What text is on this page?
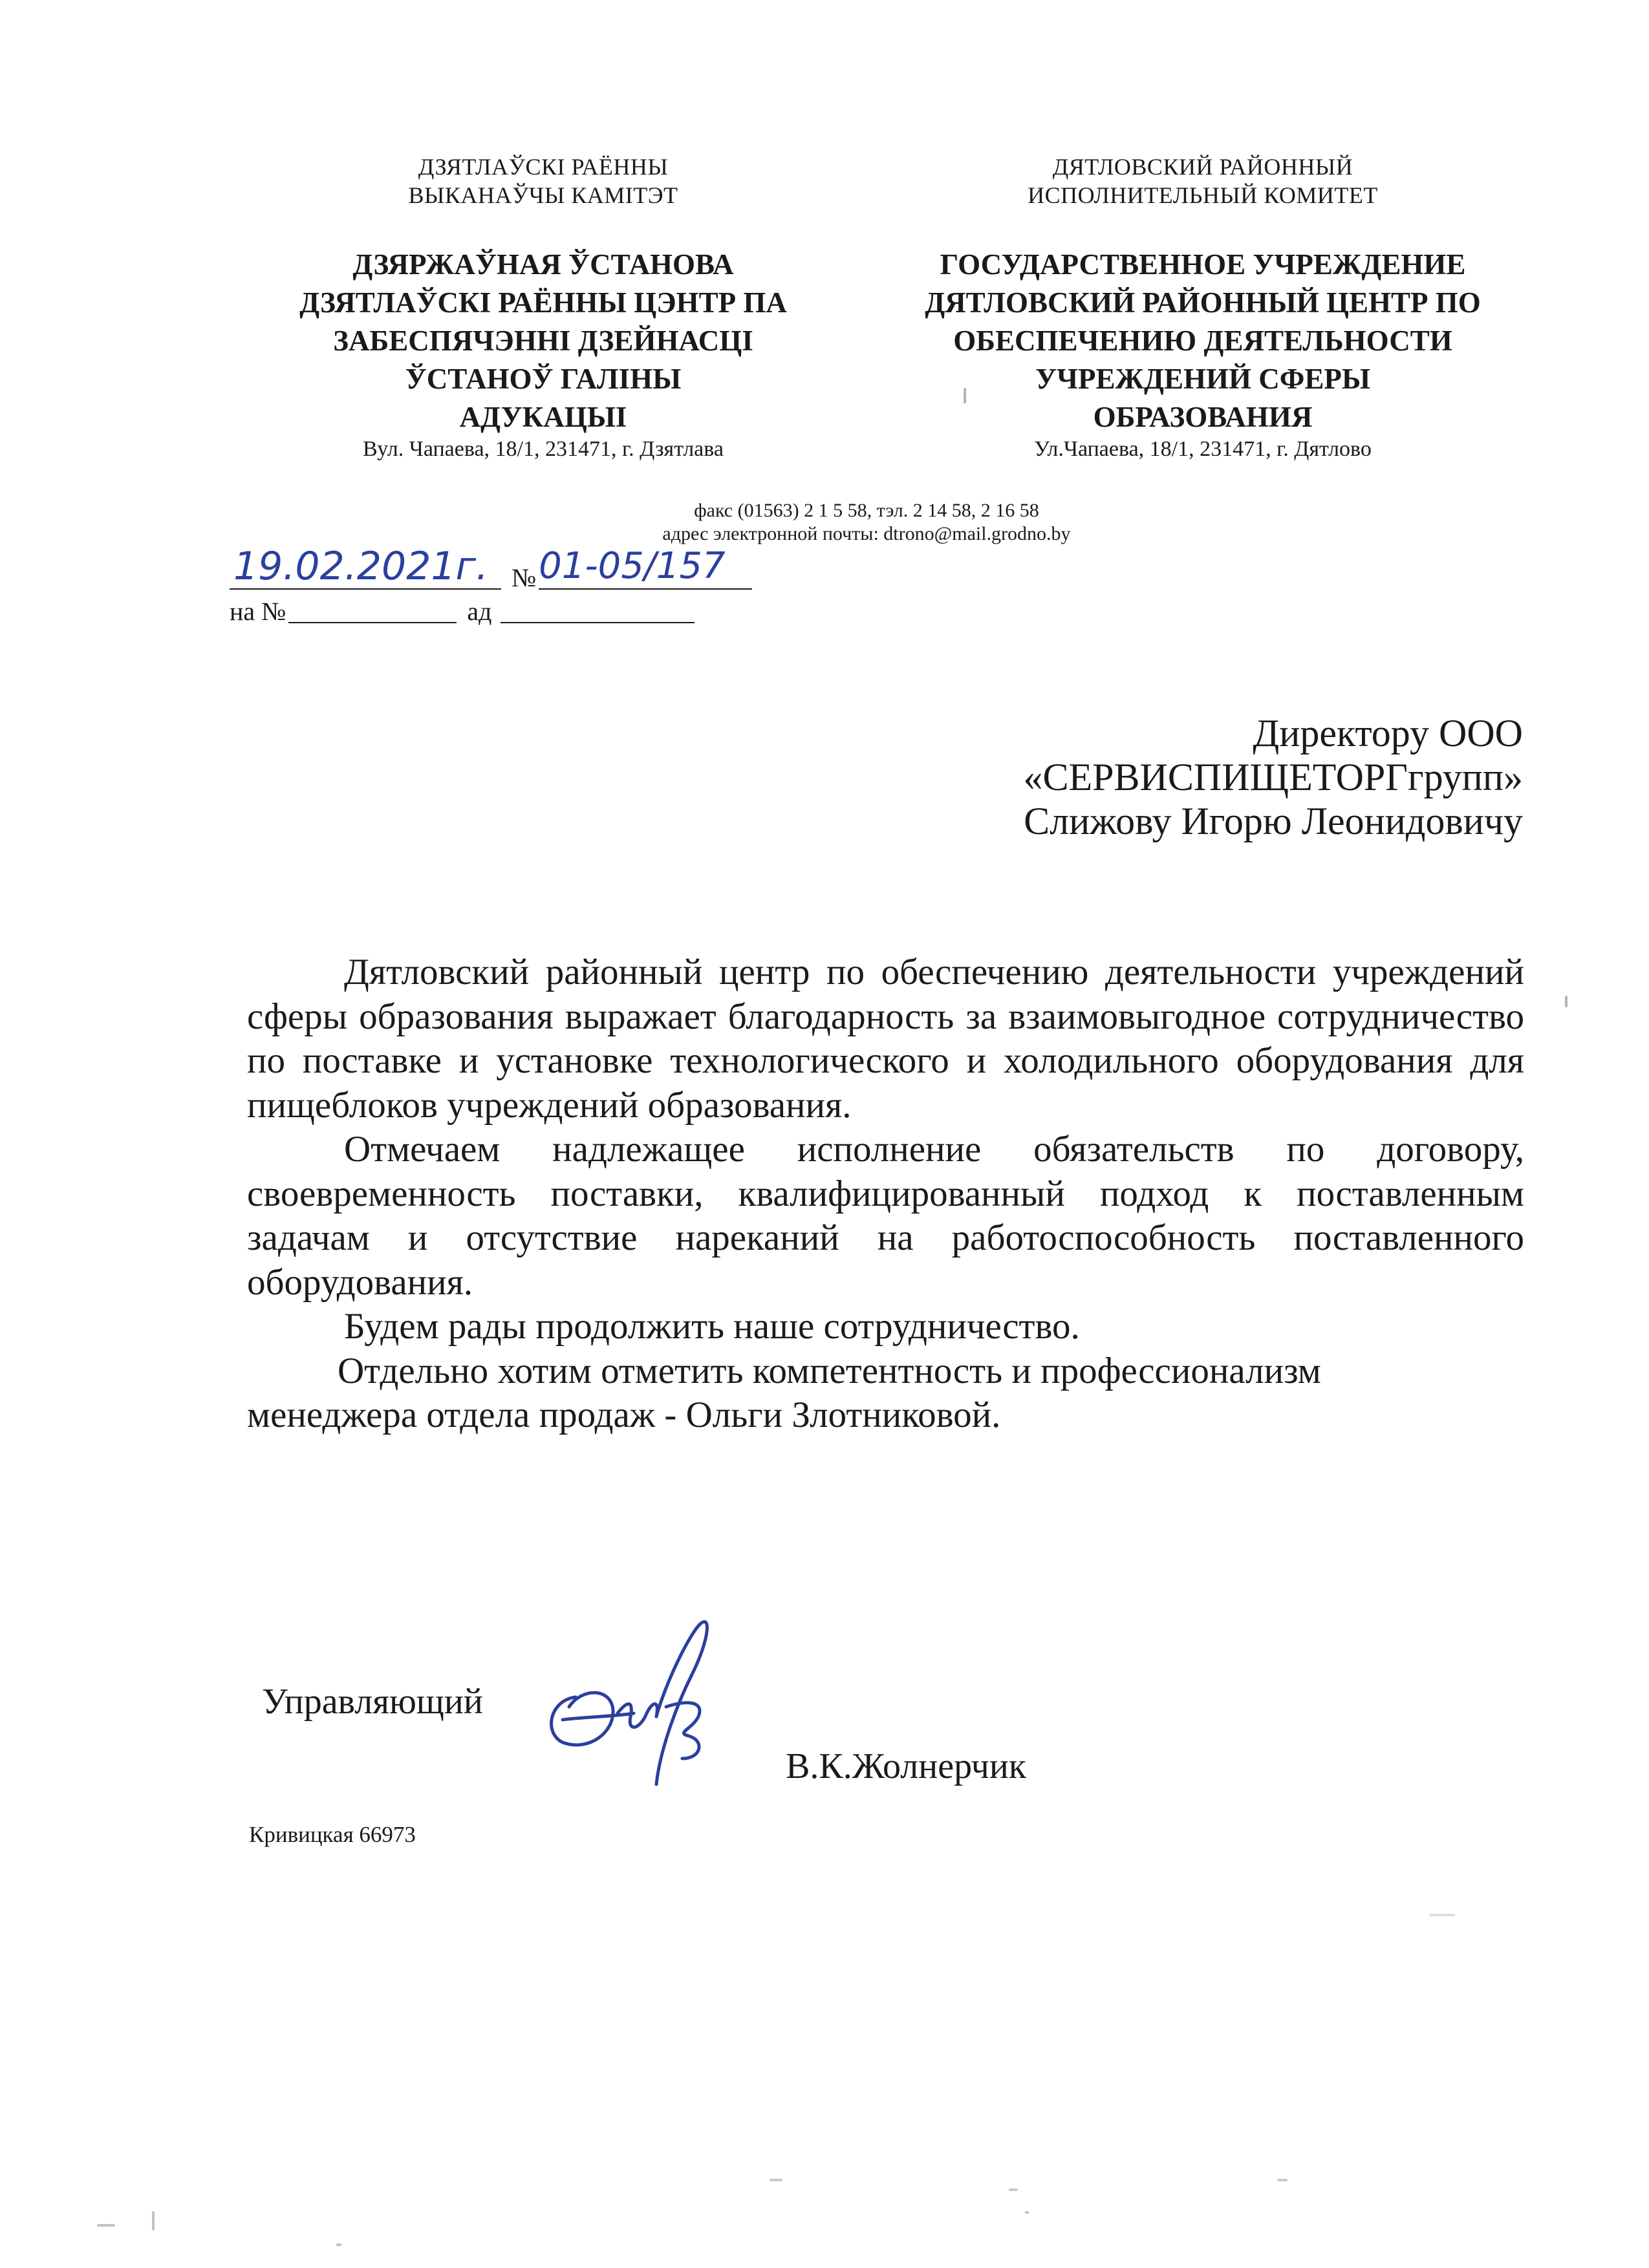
ДЗЯТЛАЎСКІ РАЁННЫ
ВЫКАНАЎЧЫ КАМІТЭТ
ДЗЯРЖАЎНАЯ ЎСТАНОВА
ДЗЯТЛАЎСКІ РАЁННЫ ЦЭНТР ПА
ЗАБЕСПЯЧЭННІ ДЗЕЙНАСЦІ
ЎСТАНОЎ ГАЛІНЫ
АДУКАЦЫІ
Вул. Чапаева, 18/1, 231471, г. Дзятлава
ДЯТЛОВСКИЙ РАЙОННЫЙ
ИСПОЛНИТЕЛЬНЫЙ КОМИТЕТ
ГОСУДАРСТВЕННОЕ УЧРЕЖДЕНИЕ
ДЯТЛОВСКИЙ РАЙОННЫЙ ЦЕНТР ПО
ОБЕСПЕЧЕНИЮ ДЕЯТЕЛЬНОСТИ
УЧРЕЖДЕНИЙ СФЕРЫ
ОБРАЗОВАНИЯ
Ул.Чапаева, 18/1, 231471, г. Дятлово
факс (01563) 2 1 5 58, тэл. 2 14 58, 2 16 58
адрес электронной почты: dtrono@mail.grodno.by
19.02.2021г. № 01-05/157
на №	ад
Директору ООО
«СЕРВИСПИЩЕТОРГгрупп»
Слижову Игорю Леонидовичу

Дятловский районный центр по обеспечению деятельности учреждений сферы образования выражает благодарность за взаимовыгодное сотрудничество по поставке и установке технологического и холодильного оборудования для пищеблоков учреждений образования.

Отмечаем надлежащее исполнение обязательств по договору, своевременность поставки, квалифицированный подход к поставленным задачам и отсутствие нареканий на работоспособность поставленного оборудования.

Будем рады продолжить наше сотрудничество.

Отдельно хотим отметить компетентность и профессионализм
менеджера отдела продаж - Ольги Злотниковой.
Управляющий
В.К.Жолнерчик
Кривицкая 66973
